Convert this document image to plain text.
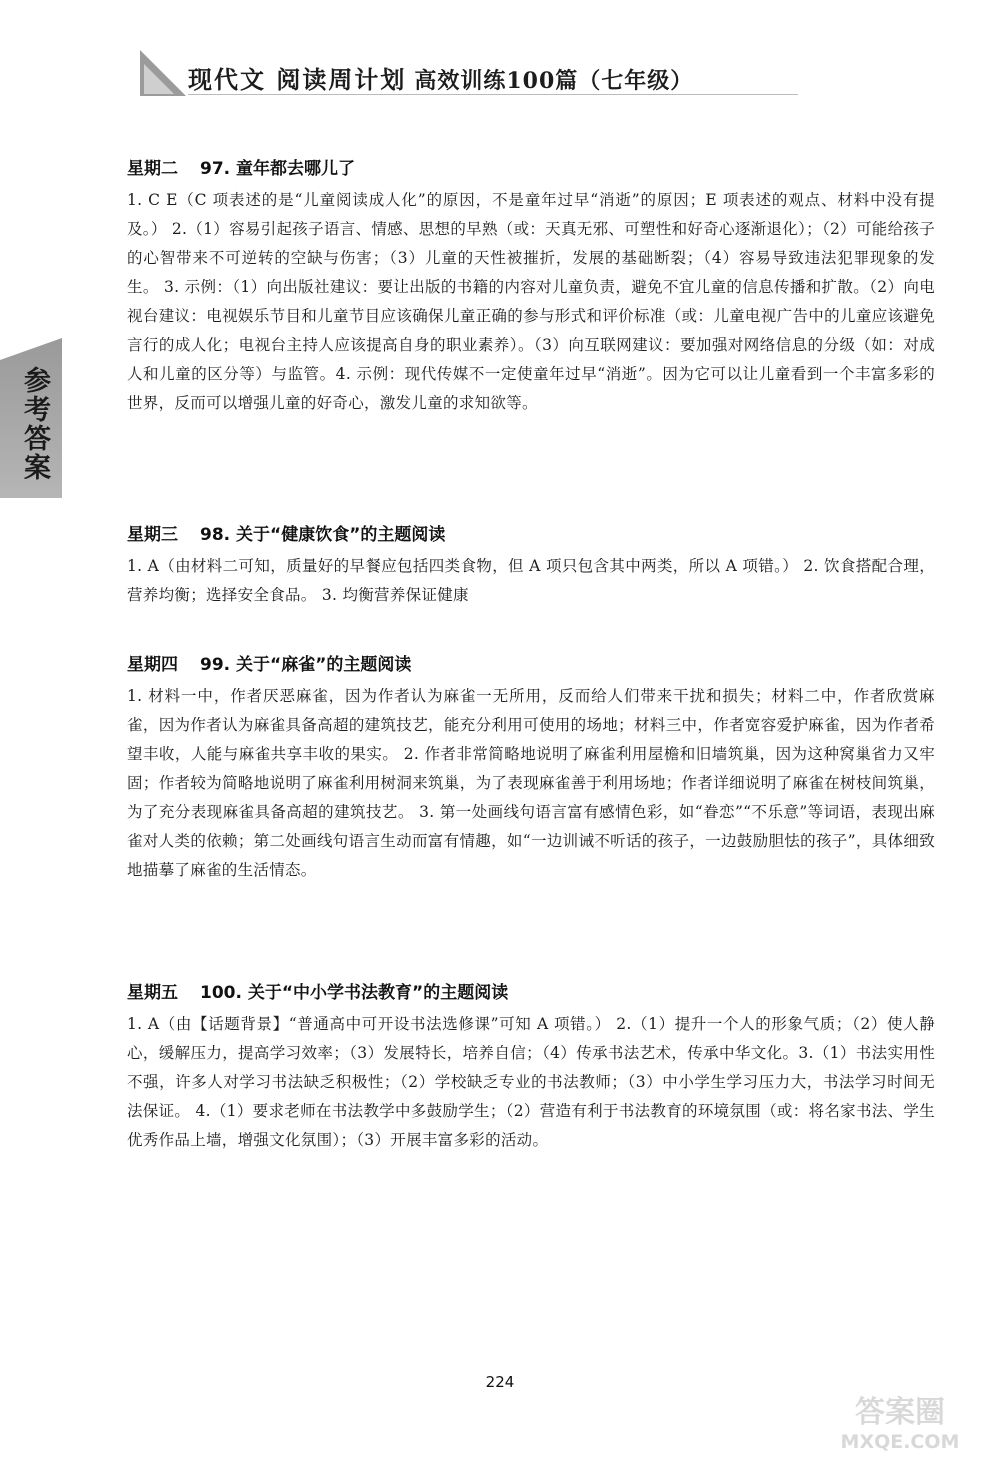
现代文 阅读周计划 高效训练100篇（七年级）
参考答案
星期二 97. 童年都去哪儿了
1. C E（C 项表述的是“儿童阅读成人化”的原因，不是童年过早“消逝”的原因；E 项表述的观点、材料中没有提及。） 2.（1）容易引起孩子语言、情感、思想的早熟（或：天真无邪、可塑性和好奇心逐渐退化）；（2）可能给孩子的心智带来不可逆转的空缺与伤害；（3）儿童的天性被摧折，发展的基础断裂；（4）容易导致违法犯罪现象的发生。 3. 示例：（1）向出版社建议：要让出版的书籍的内容对儿童负责，避免不宜儿童的信息传播和扩散。（2）向电视台建议：电视娱乐节目和儿童节目应该确保儿童正确的参与形式和评价标准（或：儿童电视广告中的儿童应该避免言行的成人化；电视台主持人应该提高自身的职业素养）。（3）向互联网建议：要加强对网络信息的分级（如：对成人和儿童的区分等）与监管。4. 示例：现代传媒不一定使童年过早“消逝”。因为它可以让儿童看到一个丰富多彩的世界，反而可以增强儿童的好奇心，激发儿童的求知欲等。
星期三 98. 关于“健康饮食”的主题阅读
1. A（由材料二可知，质量好的早餐应包括四类食物，但 A 项只包含其中两类，所以 A 项错。） 2. 饮食搭配合理，营养均衡；选择安全食品。 3. 均衡营养保证健康
星期四 99. 关于“麻雀”的主题阅读
1. 材料一中，作者厌恶麻雀，因为作者认为麻雀一无所用，反而给人们带来干扰和损失；材料二中，作者欣赏麻雀，因为作者认为麻雀具备高超的建筑技艺，能充分利用可使用的场地；材料三中，作者宽容爱护麻雀，因为作者希望丰收，人能与麻雀共享丰收的果实。 2. 作者非常简略地说明了麻雀利用屋檐和旧墙筑巢，因为这种窝巢省力又牢固；作者较为简略地说明了麻雀利用树洞来筑巢，为了表现麻雀善于利用场地；作者详细说明了麻雀在树枝间筑巢，为了充分表现麻雀具备高超的建筑技艺。 3. 第一处画线句语言富有感情色彩，如“眷恋”“不乐意”等词语，表现出麻雀对人类的依赖；第二处画线句语言生动而富有情趣，如“一边训诫不听话的孩子，一边鼓励胆怯的孩子”，具体细致地描摹了麻雀的生活情态。
星期五 100. 关于“中小学书法教育”的主题阅读
1. A（由【话题背景】“普通高中可开设书法选修课”可知 A 项错。） 2.（1）提升一个人的形象气质；（2）使人静心，缓解压力，提高学习效率；（3）发展特长，培养自信；（4）传承书法艺术，传承中华文化。3.（1）书法实用性不强，许多人对学习书法缺乏积极性；（2）学校缺乏专业的书法教师；（3）中小学生学习压力大，书法学习时间无法保证。 4.（1）要求老师在书法教学中多鼓励学生；（2）营造有利于书法教育的环境氛围（或：将名家书法、学生优秀作品上墙，增强文化氛围）；（3）开展丰富多彩的活动。
224
答案圈
MXQE.COM
